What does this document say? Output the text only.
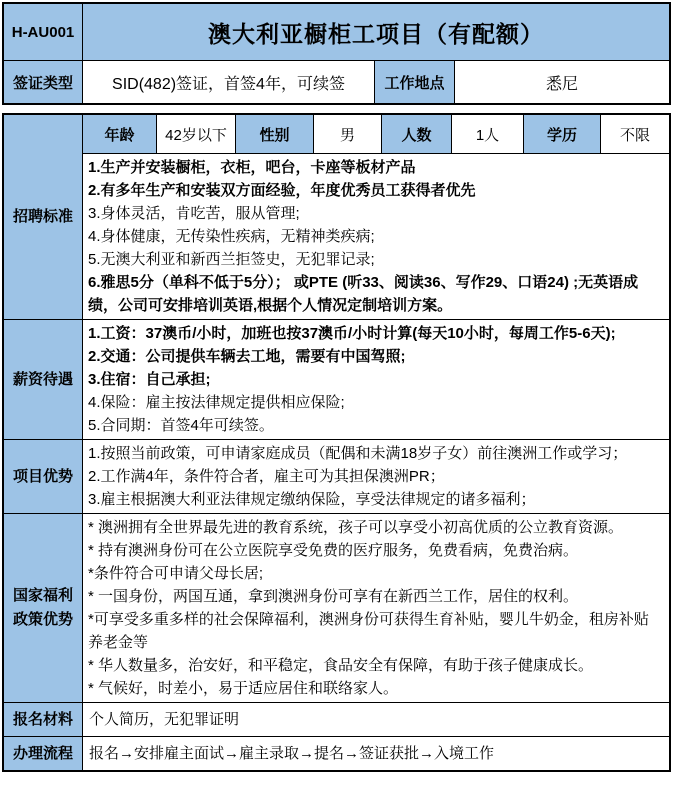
H-AU001	澳大利亚橱柜工项目（有配额）
签证类型	SID(482)签证，首签4年，可续签	工作地点	悉尼
招聘标准
年龄	42岁以下	性别	男	人数	1人	学历	不限
1.生产并安装橱柜，衣柜，吧台，卡座等板材产品
2.有多年生产和安装双方面经验，年度优秀员工获得者优先
3.身体灵活，肯吃苦，服从管理;
4.身体健康，无传染性疾病，无精神类疾病;
5.无澳大利亚和新西兰拒签史，无犯罪记录;
6.雅思5分（单科不低于5分）； 或PTE (听33、阅读36、写作29、口语24) ;无英语成绩，公司可安排培训英语,根据个人情况定制培训方案。
薪资待遇
1.工资：37澳币/小时，加班也按37澳币/小时计算(每天10小时，每周工作5-6天);
2.交通：公司提供车辆去工地，需要有中国驾照;
3.住宿：自己承担;
4.保险：雇主按法律规定提供相应保险;
5.合同期：首签4年可续签。
项目优势
1.按照当前政策，可申请家庭成员（配偶和未满18岁子女）前往澳洲工作或学习；
2.工作满4年，条件符合者，雇主可为其担保澳洲PR；
3.雇主根据澳大利亚法律规定缴纳保险，享受法律规定的诸多福利；
国家福利政策优势
* 澳洲拥有全世界最先进的教育系统，孩子可以享受小初高优质的公立教育资源。
* 持有澳洲身份可在公立医院享受免费的医疗服务，免费看病，免费治病。
*条件符合可申请父母长居;
* 一国身份，两国互通，拿到澳洲身份可享有在新西兰工作，居住的权利。
*可享受多重多样的社会保障福利，澳洲身份可获得生育补贴，婴儿牛奶金，租房补贴养老金等
* 华人数量多，治安好，和平稳定，食品安全有保障，有助于孩子健康成长。
* 气候好，时差小，易于适应居住和联络家人。
报名材料	个人简历，无犯罪证明
办理流程	报名→安排雇主面试→雇主录取→提名→签证获批→入境工作
